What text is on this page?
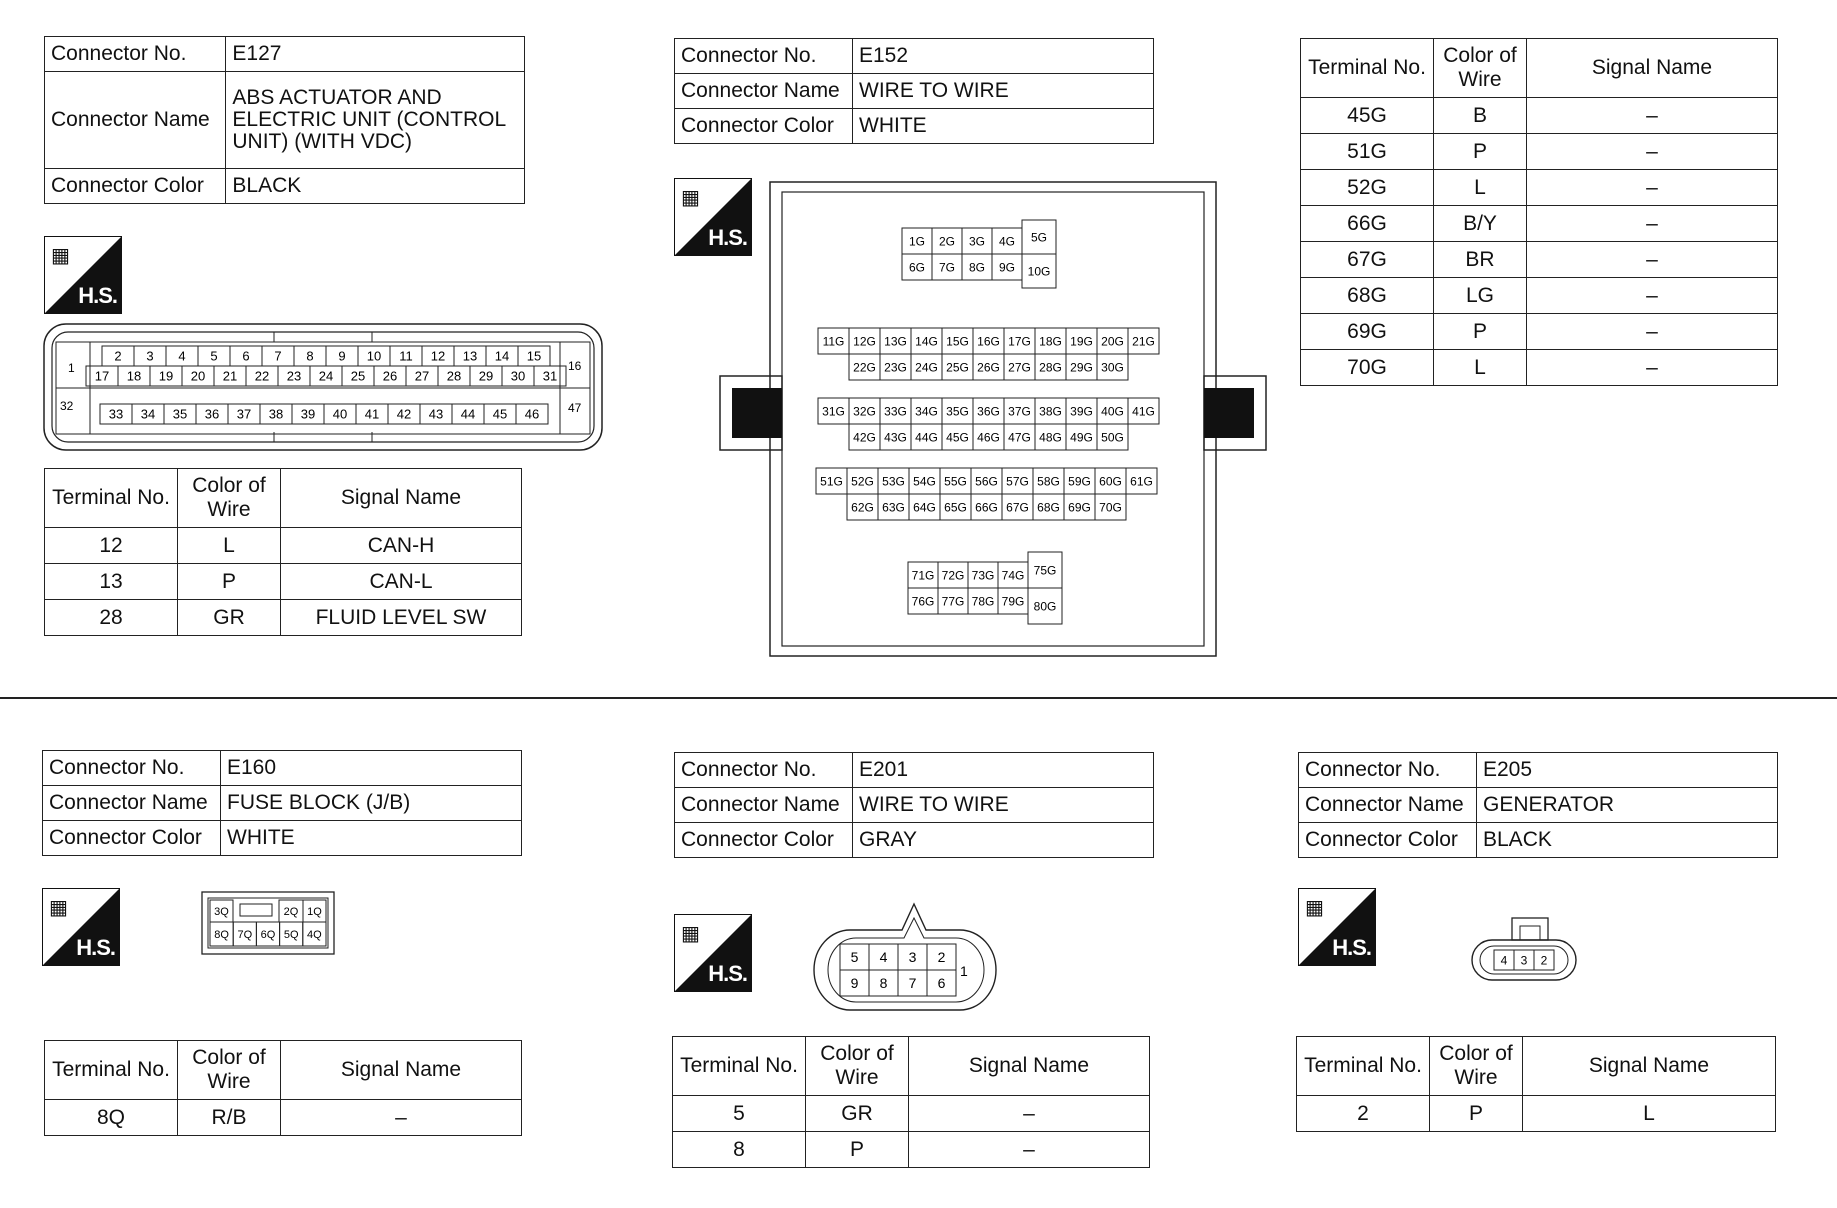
Connector No.	E127
Connector Name	ABS ACTUATOR AND ELECTRIC UNIT (CONTROL UNIT) (WITH VDC)
Connector Color	BLACK
▦
H.S.
2 3 4 5 6 7 8 9 10 11 12 13 14 15
17 18 19 20 21 22 23 24 25 26 27 28 29 30 31
33 34 35 36 37 38 39 40 41 42 43 44 45 46
1
32
16
47
Terminal No.	Color of Wire	Signal Name
12	L	CAN-H
13	P	CAN-L
28	GR	FLUID LEVEL SW
Connector No.	E152
Connector Name	WIRE TO WIRE
Connector Color	WHITE
▦
H.S.	1G 2G 3G 4G
6G 7G 8G 9G
5G
10G
11G 12G 13G 14G 15G 16G 17G 18G 19G 20G 21G
22G 23G 24G 25G 26G 27G 28G 29G 30G
31G 32G 33G 34G 35G 36G 37G 38G 39G 40G 41G
42G 43G 44G 45G 46G 47G 48G 49G 50G
51G 52G 53G 54G 55G 56G 57G 58G 59G 60G 61G
62G 63G 64G 65G 66G 67G 68G 69G 70G
71G 72G 73G 74G
76G 77G 78G 79G
75G
80G
Terminal No.	Color of Wire	Signal Name
45G	B	–
51G	P	–
52G	L	–
66G	B/Y	–
67G	BR	–
68G	LG	–
69G	P	–
70G	L	–
Connector No.	E160
Connector Name	FUSE BLOCK (J/B)
Connector Color	WHITE
▦
H.S.
3Q	2Q 1Q
8Q 7Q 6Q 5Q 4Q
Terminal No.	Color of Wire	Signal Name
8Q	R/B	–
Connector No.	E201
Connector Name	WIRE TO WIRE
Connector Color	GRAY
▦
H.S.
5 4 3 2
9 8 7 6
1
Terminal No.	Color of Wire	Signal Name
5	GR	–
8	P	–
Connector No.	E205
Connector Name	GENERATOR
Connector Color	BLACK
▦
H.S.
4 3 2
Terminal No.	Color of Wire	Signal Name
2	P	L
